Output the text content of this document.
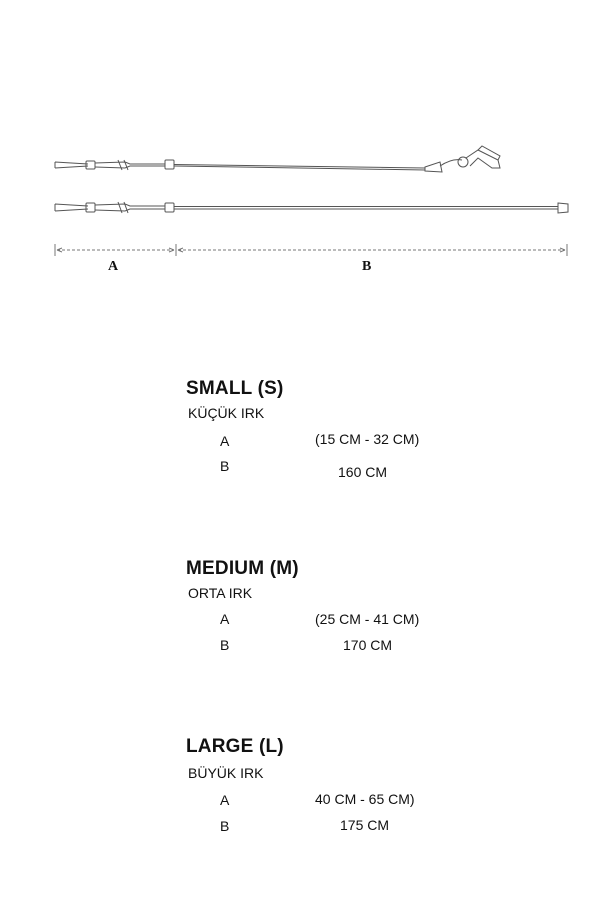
A	B
SMALL (S)
KÜÇÜK IRK
A	(15 CM - 32 CM)
B	160 CM
MEDIUM (M)
ORTA IRK
A	(25 CM - 41 CM)
B	170 CM
LARGE (L)
BÜYÜK IRK
A	40 CM - 65 CM)
B	175 CM
